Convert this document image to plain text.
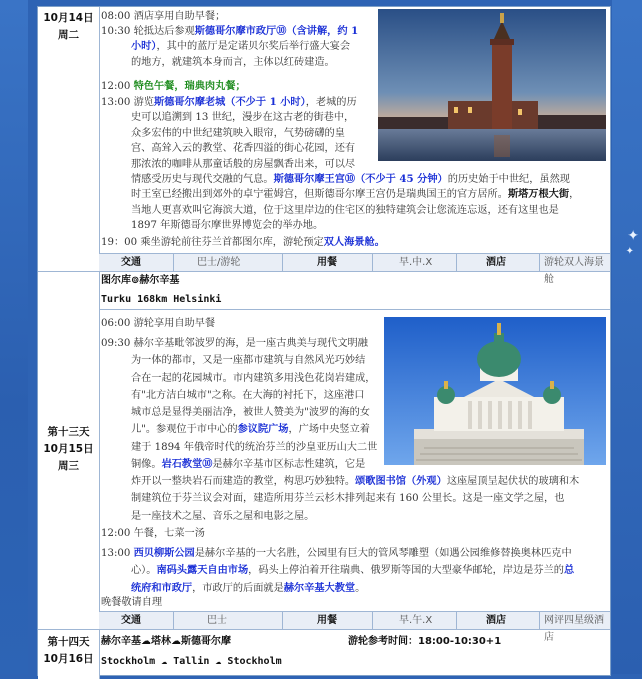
✦
✦
10月14日
周二
08:00 酒店享用自助早餐；
10:30 轮抵达后参观斯德哥尔摩市政厅⑩（含讲解，约 1
小时），其中的蓝厅是定诺贝尔奖后举行盛大宴会
的地方，就建筑本身而言，主体以红砖建造。
12:00 特色午餐，瑞典肉丸餐；
13:00 游览斯德哥尔摩老城（不少于 1 小时），老城的历
史可以追溯到 13 世纪，漫步在这古老的街巷中，
众多宏伟的中世纪建筑映入眼帘，气势磅礴的皇
宫、高耸入云的教堂、花香四溢的街心花园，还有
那浓浓的咖啡从那童话般的房屋飘香出来，可以尽
情感受历史与现代交融的气息。斯德哥尔摩王宫⑩（不少于 45 分钟）的历史始于中世纪，虽然现
时王室已经搬出到郊外的卓宁霍姆宫，但斯德哥尔摩王宫仍是瑞典国王的官方居所。斯塔万根大街，
当地人更喜欢叫它海滨大道，位于这里岸边的住宅区的独特建筑会让您流连忘返，还有这里也是
1897 年斯德哥尔摩世界博览会的举办地。
19：00 乘坐游轮前往芬兰首都图尔库，游轮预定双人海景舱。
交通	巴士/游轮	用餐	早.中.X	酒店	游轮双人海景舱
第十三天
10月15日
周三
图尔库⊚赫尔辛基
Turku 168km Helsinki
06:00 游轮享用自助早餐
09:30 赫尔辛基毗邻波罗的海，是一座古典美与现代文明融
为一体的都市，又是一座都市建筑与自然风光巧妙结
合在一起的花园城市。市内建筑多用浅色花岗岩建成，
有"北方洁白城市"之称。在大海的衬托下，这座港口
城市总是显得美丽洁净，被世人赞美为"波罗的海的女
儿"。参观位于市中心的参议院广场，广场中央竖立着
建于 1894 年俄帝时代的统治芬兰的沙皇亚历山大二世
铜像。岩石教堂⑩是赫尔辛基市区标志性建筑，它是
炸开以一整块岩石而建造的教堂，构思巧妙独特。颂歌图书馆（外观）这座屋顶呈起伏状的玻璃和木
制建筑位于芬兰议会对面，建造所用芬兰云杉木排列起来有 160 公里长。这是一座文学之屋，也
是一座技术之屋、音乐之屋和电影之屋。
12:00 午餐，七菜一汤
13:00 西贝柳斯公园是赫尔辛基的一大名胜，公园里有巨大的管风琴雕塑（如遇公园维修替换奥林匹克中
心）。南码头露天自由市场，码头上停泊着开往瑞典、俄罗斯等国的大型豪华邮轮，岸边是芬兰的总
统府和市政厅，市政厅的后面就是赫尔辛基大教堂。
晚餐敬请自理
交通	巴士	用餐	早.午.X	酒店	网评四星级酒店
第十四天
10月16日
赫尔辛基☁塔林☁斯德哥尔摩	游轮参考时间：18:00-10:30+1
Stockholm ☁ Tallin ☁ Stockholm
